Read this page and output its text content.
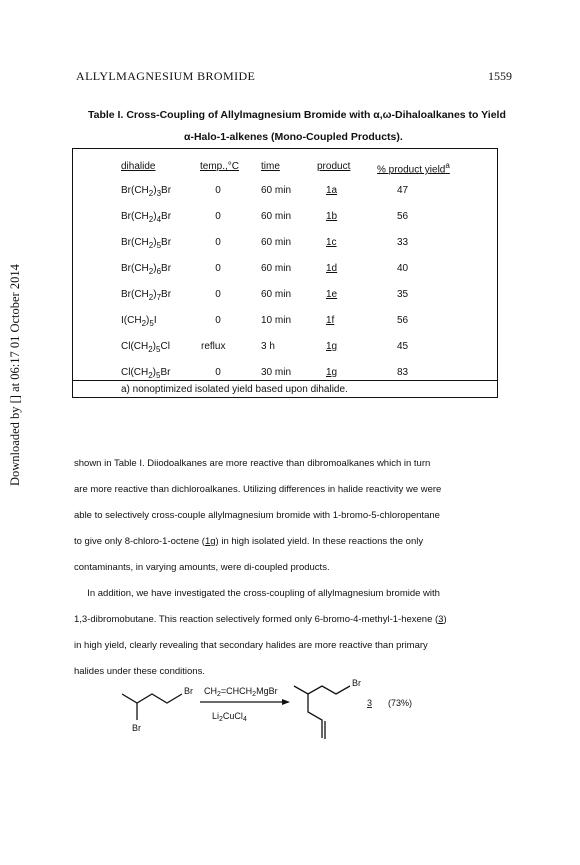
Downloaded by [] at 06:17 01 October 2014
ALLYLMAGNESIUM BROMIDE	1559
Table I. Cross-Coupling of Allylmagnesium Bromide with α,ω-Dihaloalkanes to Yield
α-Halo-1-alkenes (Mono-Coupled Products).
dihalide	temp.,°C time	product	% product yield$^a$
$Br(CH_2)_3Br$	0	60 min	1a	47
$Br(CH_2)_4Br$	0	60 min	1b	56
$Br(CH_2)_5Br$	0	60 min	1c	33
$Br(CH_2)_6Br$	0	60 min	1d	40
$Br(CH_2)_7Br$	0	60 min	1e	35
$I(CH_2)_5I$	0	10 min	1f	56
$Cl(CH_2)_5Cl$	reflux	3 h	1g	45
$Cl(CH_2)_5Br$	0	30 min	1g	83
a) nonoptimized isolated yield based upon dihalide.
shown in Table I. Diiodoalkanes are more reactive than dibromoalkanes which in turn
are more reactive than dichloroalkanes. Utilizing differences in halide reactivity we were
able to selectively cross-couple allylmagnesium bromide with 1-bromo-5-chloropentane
to give only 8-chloro-1-octene (1g) in high isolated yield. In these reactions the only
contaminants, in varying amounts, were di-coupled products.
In addition, we have investigated the cross-coupling of allylmagnesium bromide with
1,3-dibromobutane. This reaction selectively formed only 6-bromo-4-methyl-1-hexene (3)
in high yield, clearly revealing that secondary halides are more reactive than primary
halides under these conditions.
Br
Br
$CH_2=CHCH_2MgBr$
$Li_2CuCl_4$
Br
3 (73%)
